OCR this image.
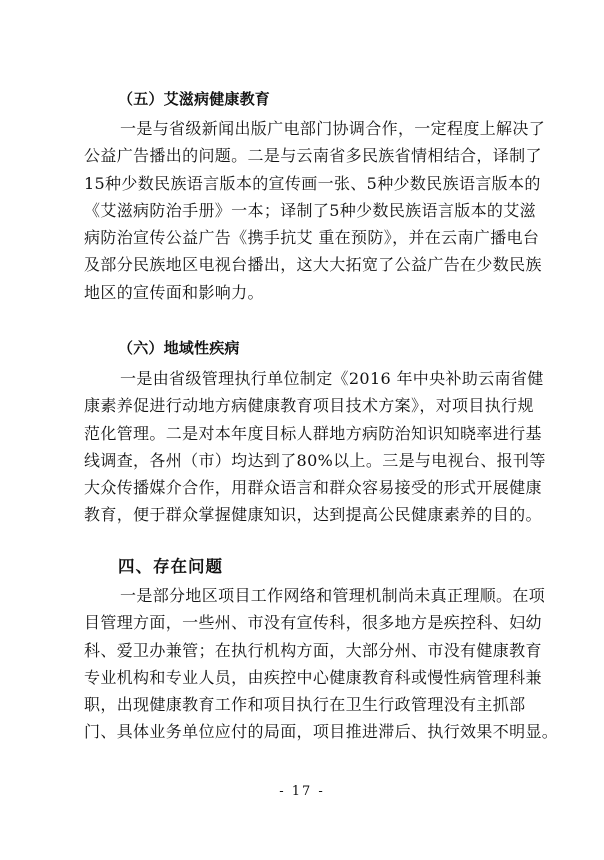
（五）艾滋病健康教育

一是与省级新闻出版广电部门协调合作，一定程度上解决了

公益广告播出的问题。二是与云南省多民族省情相结合，译制了

15种少数民族语言版本的宣传画一张、5种少数民族语言版本的

《艾滋病防治手册》一本；译制了5种少数民族语言版本的艾滋

病防治宣传公益广告《携手抗艾 重在预防》，并在云南广播电台

及部分民族地区电视台播出，这大大拓宽了公益广告在少数民族

地区的宣传面和影响力。

（六）地域性疾病

一是由省级管理执行单位制定《2016 年中央补助云南省健

康素养促进行动地方病健康教育项目技术方案》，对项目执行规

范化管理。二是对本年度目标人群地方病防治知识知晓率进行基

线调查，各州（市）均达到了80%以上。三是与电视台、报刊等

大众传播媒介合作，用群众语言和群众容易接受的形式开展健康

教育，便于群众掌握健康知识，达到提高公民健康素养的目的。

四、存在问题

一是部分地区项目工作网络和管理机制尚未真正理顺。在项

目管理方面，一些州、市没有宣传科，很多地方是疾控科、妇幼

科、爱卫办兼管；在执行机构方面，大部分州、市没有健康教育

专业机构和专业人员，由疾控中心健康教育科或慢性病管理科兼

职，出现健康教育工作和项目执行在卫生行政管理没有主抓部

门、具体业务单位应付的局面，项目推进滞后、执行效果不明显。

- 17 -
